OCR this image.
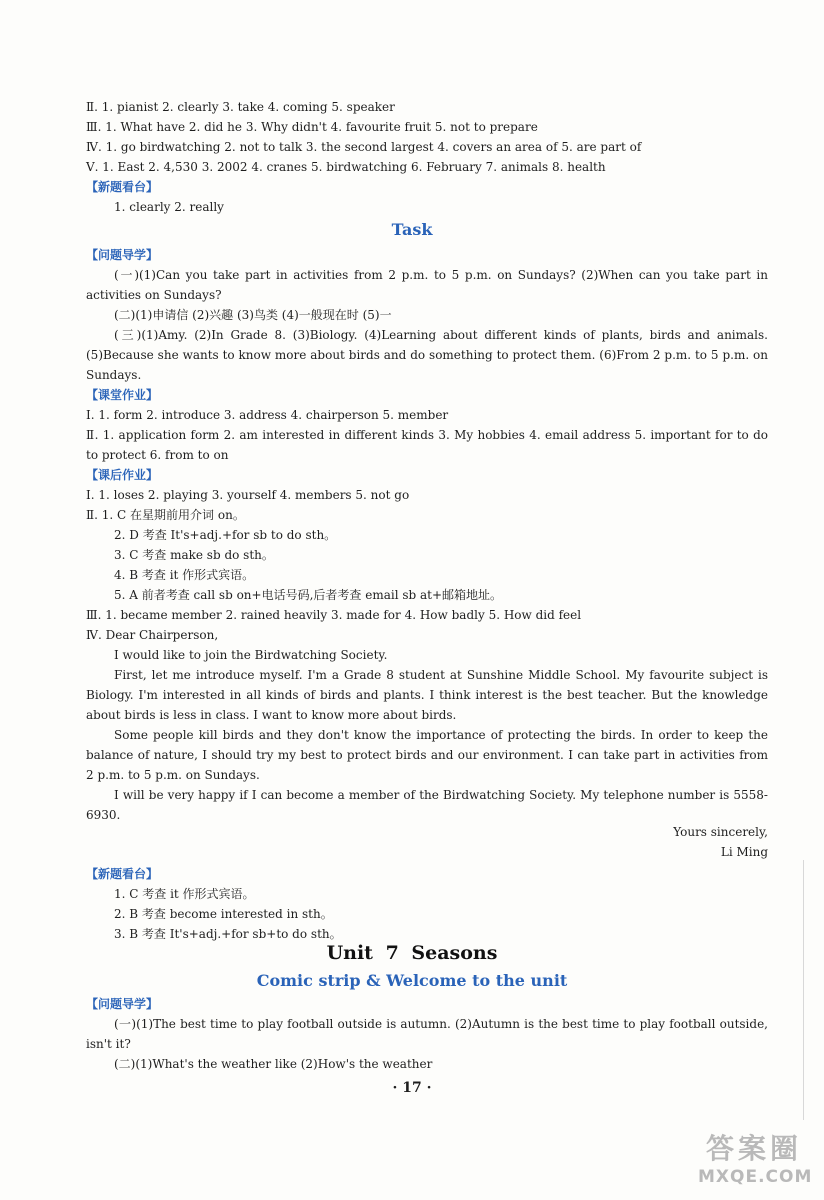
Ⅱ. 1. pianist 2. clearly 3. take 4. coming 5. speaker
Ⅲ. 1. What have 2. did he 3. Why didn't 4. favourite fruit 5. not to prepare
Ⅳ. 1. go birdwatching 2. not to talk 3. the second largest 4. covers an area of 5. are part of
Ⅴ. 1. East 2. 4,530 3. 2002 4. cranes 5. birdwatching 6. February 7. animals 8. health
【新题看台】
1. clearly 2. really
Task
【问题导学】
(一)(1)Can you take part in activities from 2 p.m. to 5 p.m. on Sundays? (2)When can you take part in activities on Sundays?
(二)(1)申请信 (2)兴趣 (3)鸟类 (4)一般现在时 (5)一
(三)(1)Amy. (2)In Grade 8. (3)Biology. (4)Learning about different kinds of plants, birds and animals. (5)Because she wants to know more about birds and do something to protect them. (6)From 2 p.m. to 5 p.m. on Sundays.
【课堂作业】
Ⅰ. 1. form 2. introduce 3. address 4. chairperson 5. member
Ⅱ. 1. application form 2. am interested in different kinds 3. My hobbies 4. email address 5. important for to do to protect 6. from to on
【课后作业】
Ⅰ. 1. loses 2. playing 3. yourself 4. members 5. not go
Ⅱ. 1. C 在星期前用介词 on。
2. D 考查 It's+adj.+for sb to do sth。
3. C 考查 make sb do sth。
4. B 考查 it 作形式宾语。
5. A 前者考查 call sb on+电话号码,后者考查 email sb at+邮箱地址。
Ⅲ. 1. became member 2. rained heavily 3. made for 4. How badly 5. How did feel
Ⅳ. Dear Chairperson,
I would like to join the Birdwatching Society.
First, let me introduce myself. I'm a Grade 8 student at Sunshine Middle School. My favourite subject is Biology. I'm interested in all kinds of birds and plants. I think interest is the best teacher. But the knowledge about birds is less in class. I want to know more about birds.
Some people kill birds and they don't know the importance of protecting the birds. In order to keep the balance of nature, I should try my best to protect birds and our environment. I can take part in activities from 2 p.m. to 5 p.m. on Sundays.
I will be very happy if I can become a member of the Birdwatching Society. My telephone number is 5558-6930.
Yours sincerely,
Li Ming
【新题看台】
1. C 考查 it 作形式宾语。
2. B 考查 become interested in sth。
3. B 考查 It's+adj.+for sb+to do sth。
Unit 7 Seasons
Comic strip & Welcome to the unit
【问题导学】
(一)(1)The best time to play football outside is autumn. (2)Autumn is the best time to play football outside, isn't it?
(二)(1)What's the weather like (2)How's the weather
· 17 ·
答案圈
MXQE.COM
